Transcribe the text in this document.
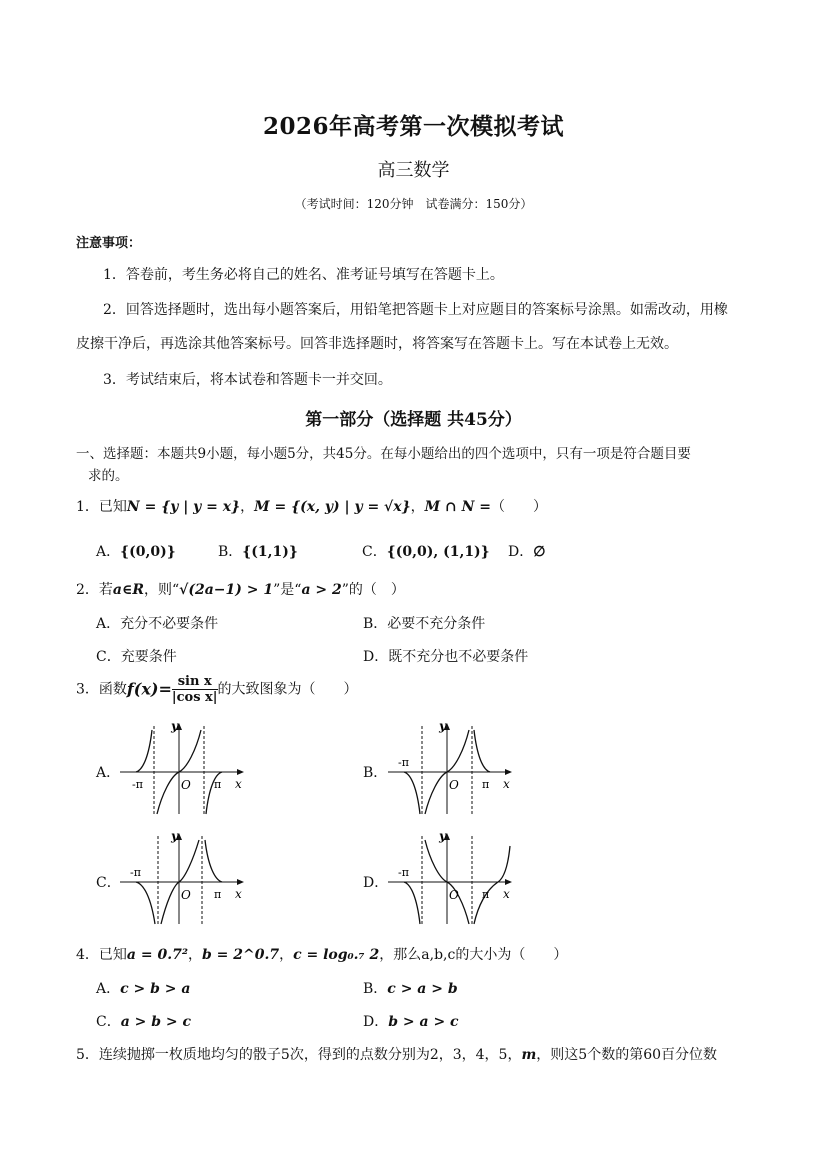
2026年高考第一次模拟考试
高三数学
（考试时间：120分钟　试卷满分：150分）
注意事项：
1．答卷前，考生务必将自己的姓名、准考证号填写在答题卡上。
2．回答选择题时，选出每小题答案后，用铅笔把答题卡上对应题目的答案标号涂黑。如需改动，用橡
皮擦干净后，再选涂其他答案标号。回答非选择题时，将答案写在答题卡上。写在本试卷上无效。
3．考试结束后，将本试卷和答题卡一并交回。
第一部分（选择题 共45分）
一、选择题：本题共9小题，每小题5分，共45分。在每小题给出的四个选项中，只有一项是符合题目要
求的。
1．已知N = {y | y = x}，M = {(x, y) | y = √x}，M ∩ N =（　　）
A．{(0,0)}	B．{(1,1)}	C．{(0,0), (1,1)} D．∅
2．若a∈R，则“√(2a−1) > 1”是“a > 2”的（　）
A．充分不必要条件	B．必要不充分条件
C．充要条件	D．既不充分也不必要条件
3．函数$f(x)= \frac{\text{sin x}}{\text{|cos x|}}$ 的大致图象为（　　）
A．	B．
C．	D．
y
x
O
-π	π
y
x
O
-π
π
y
x
O
-π
π
y
x
O
-π
π
4．已知a = 0.7²，b = 2^0.7，c = log₀.₇ 2，那么a,b,c的大小为（　　）
A．c > b > a	B．c > a > b
C．a > b > c	D．b > a > c
5．连续抛掷一枚质地均匀的骰子5次，得到的点数分别为2，3，4，5，m，则这5个数的第60百分位数
